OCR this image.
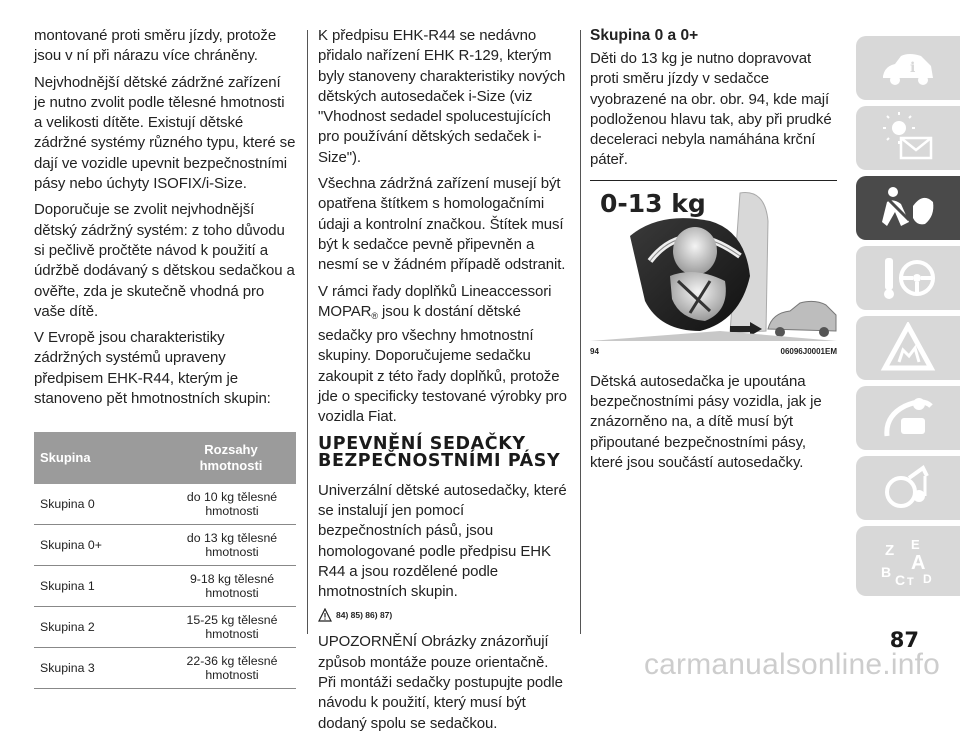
montované proti směru jízdy, protože jsou v ní při nárazu více chráněny.

Nejvhodnější dětské zádržné zařízení je nutno zvolit podle tělesné hmotnosti a velikosti dítěte. Existují dětské zádržné systémy různého typu, které se dají ve vozidle upevnit bezpečnostními pásy nebo úchyty ISOFIX/i-Size.

Doporučuje se zvolit nejvhodnější dětský zádržný systém: z toho důvodu si pečlivě pročtěte návod k použití a údržbě dodávaný s dětskou sedačkou a ověřte, zda je skutečně vhodná pro vaše dítě.

V Evropě jsou charakteristiky zádržných systémů upraveny předpisem EHK-R44, kterým je stanoveno pět hmotnostních skupin:

Skupina	Rozsahy hmotnosti
Skupina 0	do 10 kg tělesné hmotnosti
Skupina 0+	do 13 kg tělesné hmotnosti
Skupina 1	9-18 kg tělesné hmotnosti
Skupina 2	15-25 kg tělesné hmotnosti
Skupina 3	22-36 kg tělesné hmotnosti

K předpisu EHK-R44 se nedávno přidalo nařízení EHK R-129, kterým byly stanoveny charakteristiky nových dětských autosedaček i-Size (viz "Vhodnost sedadel spolucestujících pro používání dětských sedaček i-Size").

Všechna zádržná zařízení musejí být opatřena štítkem s homologačními údaji a kontrolní značkou. Štítek musí být k sedačce pevně připevněn a nesmí se v žádném případě odstranit.

V rámci řady doplňků Lineaccessori $MOPAR_®$ jsou k dostání dětské sedačky pro všechny hmotnostní skupiny. Doporučujeme sedačku zakoupit z této řady doplňků, protože jde o specificky testované výrobky pro vozidla Fiat.

UPEVNĚNÍ SEDAČKY
BEZPEČNOSTNÍMI PÁSY

Univerzální dětské autosedačky, které se instalují jen pomocí bezpečnostních pásů, jsou homologované podle předpisu EHK R44 a jsou rozdělené podle hmotnostních skupin.

84) 85) 86) 87)

UPOZORNĚNÍ Obrázky znázorňují způsob montáže pouze orientačně. Při montáži sedačky postupujte podle návodu k použití, který musí být dodaný spolu se sedačkou.

Skupina 0 a 0+

Děti do 13 kg je nutno dopravovat proti směru jízdy v sedačce vyobrazené na obr. obr. 94, kde mají podloženou hlavu tak, aby při prudké deceleraci nebyla namáhána krční páteř.

0-13 kg
94	06096J0001EM

Dětská autosedačka je upoutána bezpečnostními pásy vozidla, jak je znázorněno na, a dítě musí být připoutané bezpečnostními pásy, které jsou součástí autosedačky.

i
Z E
A
B C T D
87
carmanualsonline.info
